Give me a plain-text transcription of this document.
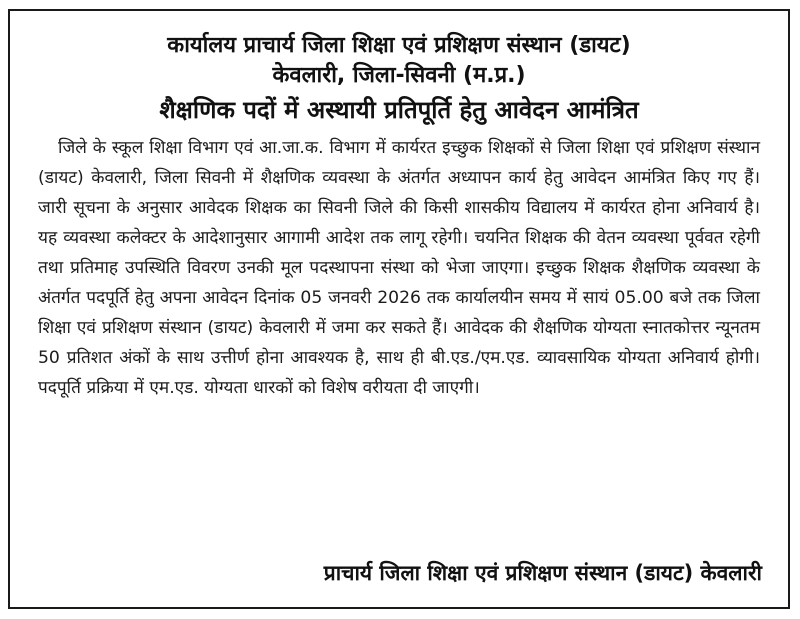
कार्यालय प्राचार्य जिला शिक्षा एवं प्रशिक्षण संस्थान (डायट)
केवलारी, जिला-सिवनी (म.प्र.)
शैक्षणिक पदों में अस्थायी प्रतिपूर्ति हेतु आवेदन आमंत्रित

जिले के स्कूल शिक्षा विभाग एवं आ.जा.क. विभाग में कार्यरत इच्छुक शिक्षकों से जिला शिक्षा एवं प्रशिक्षण संस्थान (डायट) केवलारी, जिला सिवनी में शैक्षणिक व्यवस्था के अंतर्गत अध्यापन कार्य हेतु आवेदन आमंत्रित किए गए हैं। जारी सूचना के अनुसार आवेदक शिक्षक का सिवनी जिले की किसी शासकीय विद्यालय में कार्यरत होना अनिवार्य है। यह व्यवस्था कलेक्टर के आदेशानुसार आगामी आदेश तक लागू रहेगी। चयनित शिक्षक की वेतन व्यवस्था पूर्ववत रहेगी तथा प्रतिमाह उपस्थिति विवरण उनकी मूल पदस्थापना संस्था को भेजा जाएगा। इच्छुक शिक्षक शैक्षणिक व्यवस्था के अंतर्गत पदपूर्ति हेतु अपना आवेदन दिनांक 05 जनवरी 2026 तक कार्यालयीन समय में सायं 05.00 बजे तक जिला शिक्षा एवं प्रशिक्षण संस्थान (डायट) केवलारी में जमा कर सकते हैं। आवेदक की शैक्षणिक योग्यता स्नातकोत्तर न्यूनतम 50 प्रतिशत अंकों के साथ उत्तीर्ण होना आवश्यक है, साथ ही बी.एड./एम.एड. व्यावसायिक योग्यता अनिवार्य होगी। पदपूर्ति प्रक्रिया में एम.एड. योग्यता धारकों को विशेष वरीयता दी जाएगी।

प्राचार्य जिला शिक्षा एवं प्रशिक्षण संस्थान (डायट) केवलारी
